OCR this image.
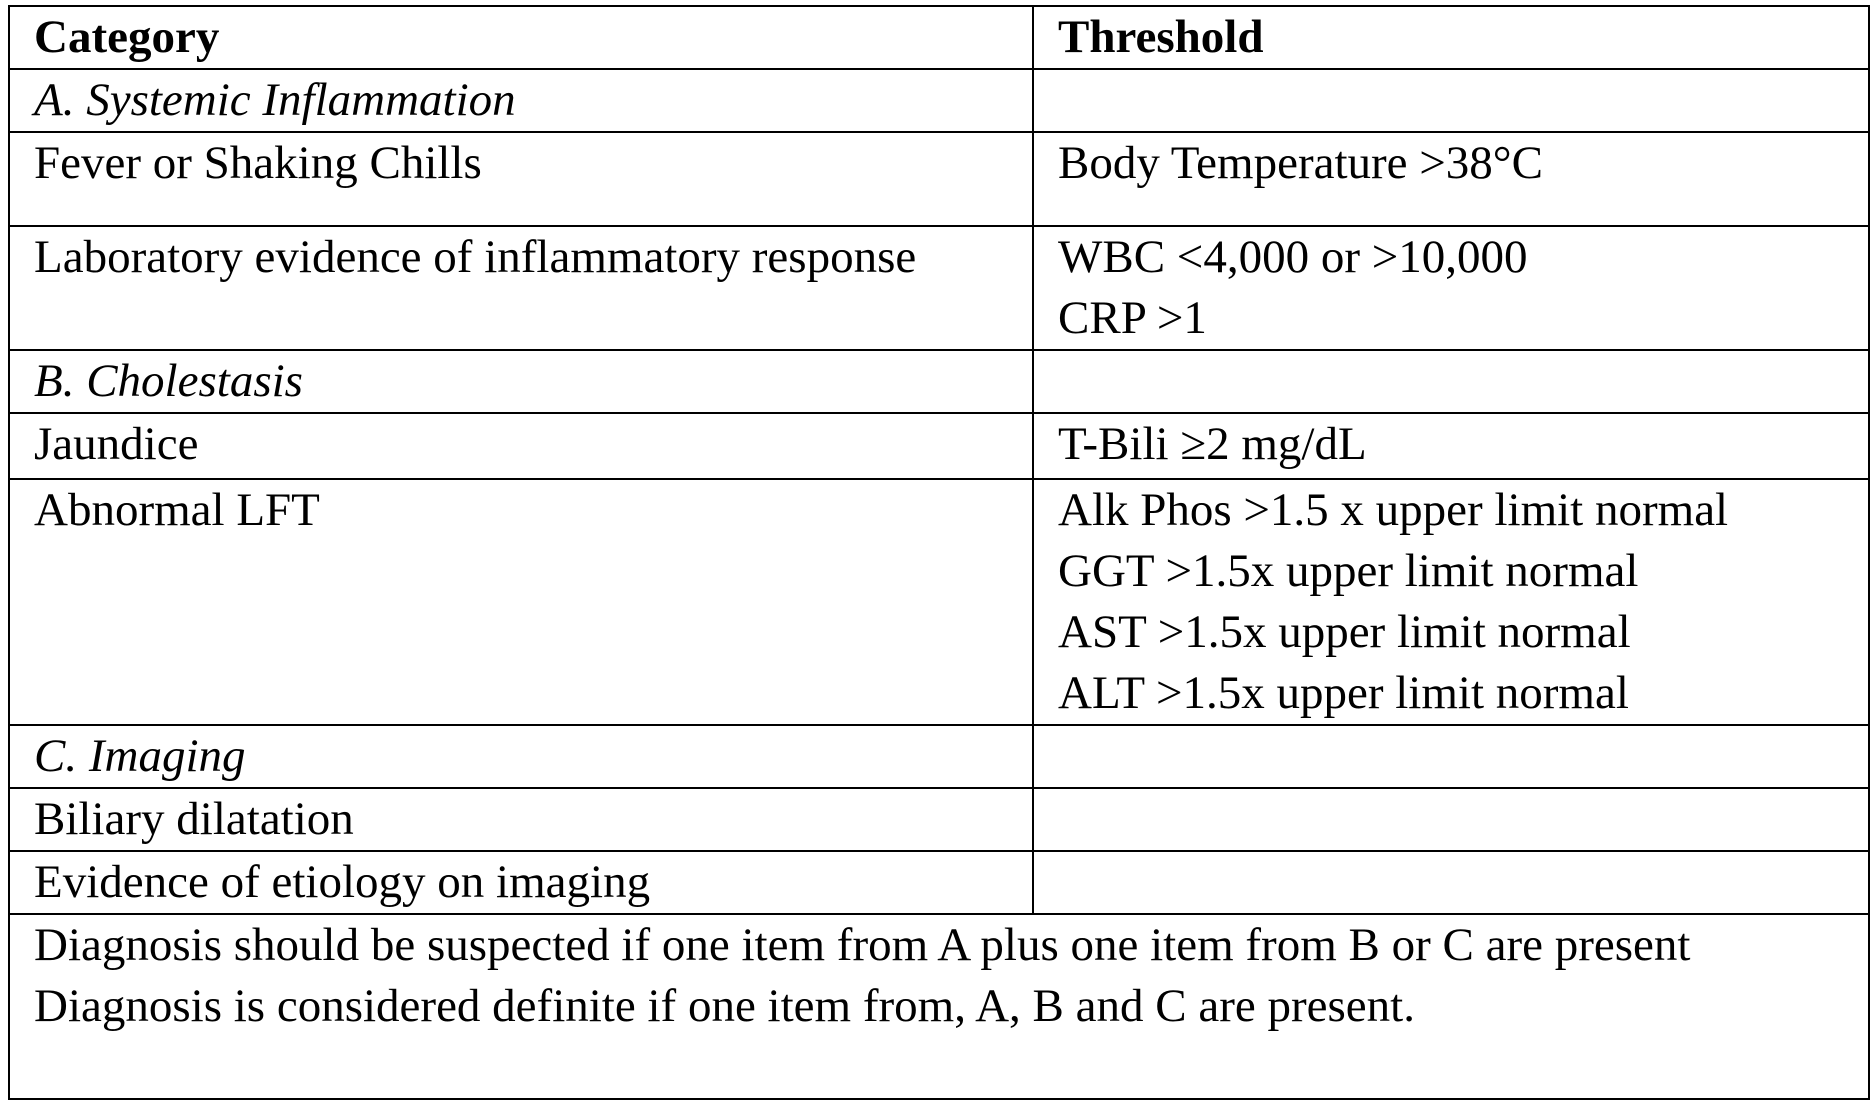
Category	Threshold
A. Systemic Inflammation	
Fever or Shaking Chills	Body Temperature >38°C

Laboratory evidence of inflammatory response	WBC <4,000 or >10,000
CRP >1

B. Cholestasis	
Jaundice	T-Bili ≥2 mg/dL

Abnormal LFT	Alk Phos >1.5 x upper limit normal
GGT >1.5x upper limit normal
AST >1.5x upper limit normal
ALT >1.5x upper limit normal

C. Imaging	
Biliary dilatation	
Evidence of etiology on imaging	

Diagnosis should be suspected if one item from A plus one item from B or C are present
Diagnosis is considered definite if one item from, A, B and C are present.	
